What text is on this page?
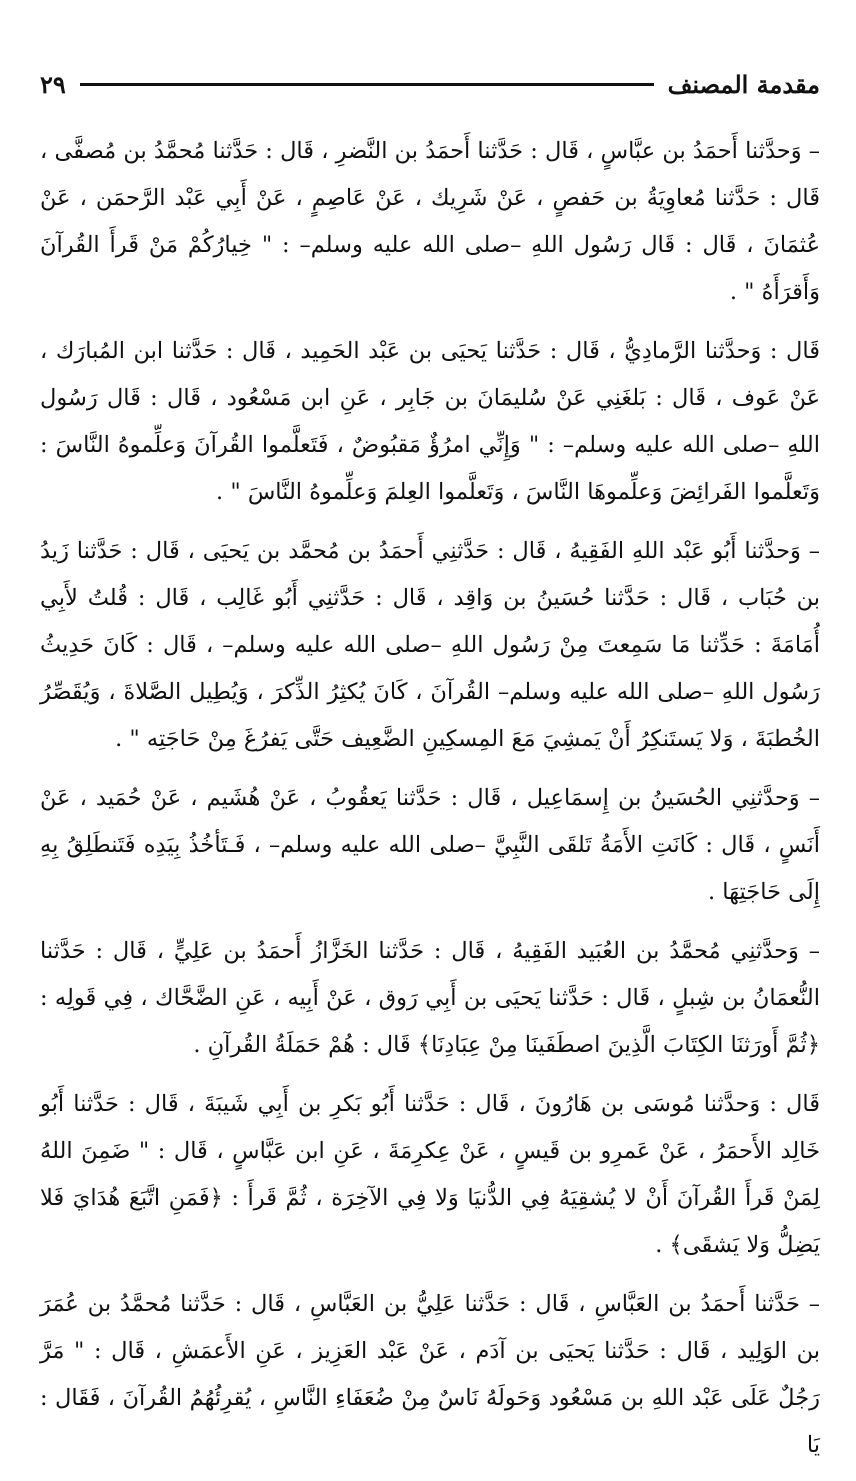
مقدمة المصنف
٢٩

– وَحدَّثنا أَحمَدُ بن عبَّاسٍ ، قَال : حَدَّثنا أَحمَدُ بن النَّضرِ ، قَال : حَدَّثنا مُحمَّدُ بن مُصفَّى ، قَال : حَدَّثنا مُعاوِيَةُ بن حَفصٍ ، عَنْ شَرِيك ، عَنْ عَاصِمٍ ، عَنْ أَبِي عَبْد الرَّحمَن ، عَنْ عُثمَانَ ، قَال : قَال رَسُول اللهِ –صلى الله عليه وسلم– : " خِيارُكُمْ مَنْ قَرأَ القُرآنَ وَأَقرَأَهُ " .

قَال : وَحدَّثنا الرَّمادِيُّ ، قَال : حَدَّثنا يَحيَى بن عَبْد الحَمِيد ، قَال : حَدَّثنا ابن المُبارَك ، عَنْ عَوف ، قَال : بَلغَنِي عَنْ سُليمَانَ بن جَابِر ، عَنِ ابن مَسْعُود ، قَال : قَال رَسُول اللهِ –صلى الله عليه وسلم– : " وَإِنِّي امرُؤٌ مَقبُوضٌ ، فَتَعلَّموا القُرآنَ وَعلِّموهُ النَّاسَ : وَتَعلَّموا الفَرائِضَ وَعلِّموهَا النَّاسَ ، وَتَعلَّموا العِلمَ وَعلِّموهُ النَّاسَ " .

– وَحدَّثنا أَبُو عَبْد اللهِ الفَقِيهُ ، قَال : حَدَّثنِي أَحمَدُ بن مُحمَّد بن يَحيَى ، قَال : حَدَّثنا زَيدُ بن حُبَاب ، قَال : حَدَّثنا حُسَينُ بن وَاقِد ، قَال : حَدَّثنِي أَبُو غَالِب ، قَال : قُلتُ لأَبِي أُمَامَةَ : حَدِّثنا مَا سَمِعتَ مِنْ رَسُول اللهِ –صلى الله عليه وسلم– ، قَال : كَانَ حَدِيثُ رَسُول اللهِ –صلى الله عليه وسلم– القُرآنَ ، كَانَ يُكثِرُ الذِّكرَ ، وَيُطِيل الصَّلاةَ ، وَيُقَصِّرُ الخُطبَةَ ، وَلا يَستَنكِرُ أَنْ يَمشِيَ مَعَ المِسكِينِ الضَّعِيف حَتَّى يَفرُغَ مِنْ حَاجَتِه " .

– وَحدَّثنِي الحُسَينُ بن إِسمَاعِيل ، قَال : حَدَّثنا يَعقُوبُ ، عَنْ هُشَيم ، عَنْ حُمَيد ، عَنْ أَنَسٍ ، قَال : كَانَتِ الأَمَةُ تَلقَى النَّبِيَّ –صلى الله عليه وسلم– ، فَـتَأخُذُ بِيَدِه فَتَنطَلِقُ بِهِ إِلَى حَاجَتِهَا .

– وَحدَّثنِي مُحمَّدُ بن العُبَيد الفَقِيهُ ، قَال : حَدَّثنا الخَزَّازُ أَحمَدُ بن عَلِيٍّ ، قَال : حَدَّثنا النُّعمَانُ بن شِبلٍ ، قَال : حَدَّثنا يَحيَى بن أَبِي رَوق ، عَنْ أَبِيه ، عَنِ الضَّحَّاك ، فِي قَولِه : ﴿ثُمَّ أَورَثنَا الكِتَابَ الَّذِينَ اصطَفَينَا مِنْ عِبَادِنَا﴾ قَال : هُمْ حَمَلَةُ القُرآنِ .

قَال : وَحدَّثنا مُوسَى بن هَارُونَ ، قَال : حَدَّثنا أَبُو بَكرِ بن أَبِي شَيبَةَ ، قَال : حَدَّثنا أَبُو خَالِد الأَحمَرُ ، عَنْ عَمرِو بن قَيسٍ ، عَنْ عِكرِمَةَ ، عَنِ ابن عَبَّاسٍ ، قَال : " ضَمِنَ اللهُ لِمَنْ قَرأَ القُرآنَ أَنْ لا يُشقِيَهُ فِي الدُّنيَا وَلا فِي الآخِرَة ، ثُمَّ قَرأَ : ﴿فَمَنِ اتَّبَعَ هُدَايَ فَلا يَضِلُّ وَلا يَشقَى﴾ .

– حَدَّثنا أَحمَدُ بن العَبَّاسِ ، قَال : حَدَّثنا عَلِيُّ بن العَبَّاسِ ، قَال : حَدَّثنا مُحمَّدُ بن عُمَرَ بن الوَلِيد ، قَال : حَدَّثنا يَحيَى بن آدَم ، عَنْ عَبْد العَزِيز ، عَنِ الأَعمَشِ ، قَال : " مَرَّ رَجُلٌ عَلَى عَبْد اللهِ بن مَسْعُود وَحَولَهُ نَاسٌ مِنْ ضُعَفَاءِ النَّاسِ ، يُقرِئُهُمُ القُرآنَ ، فَقَال : يَا
